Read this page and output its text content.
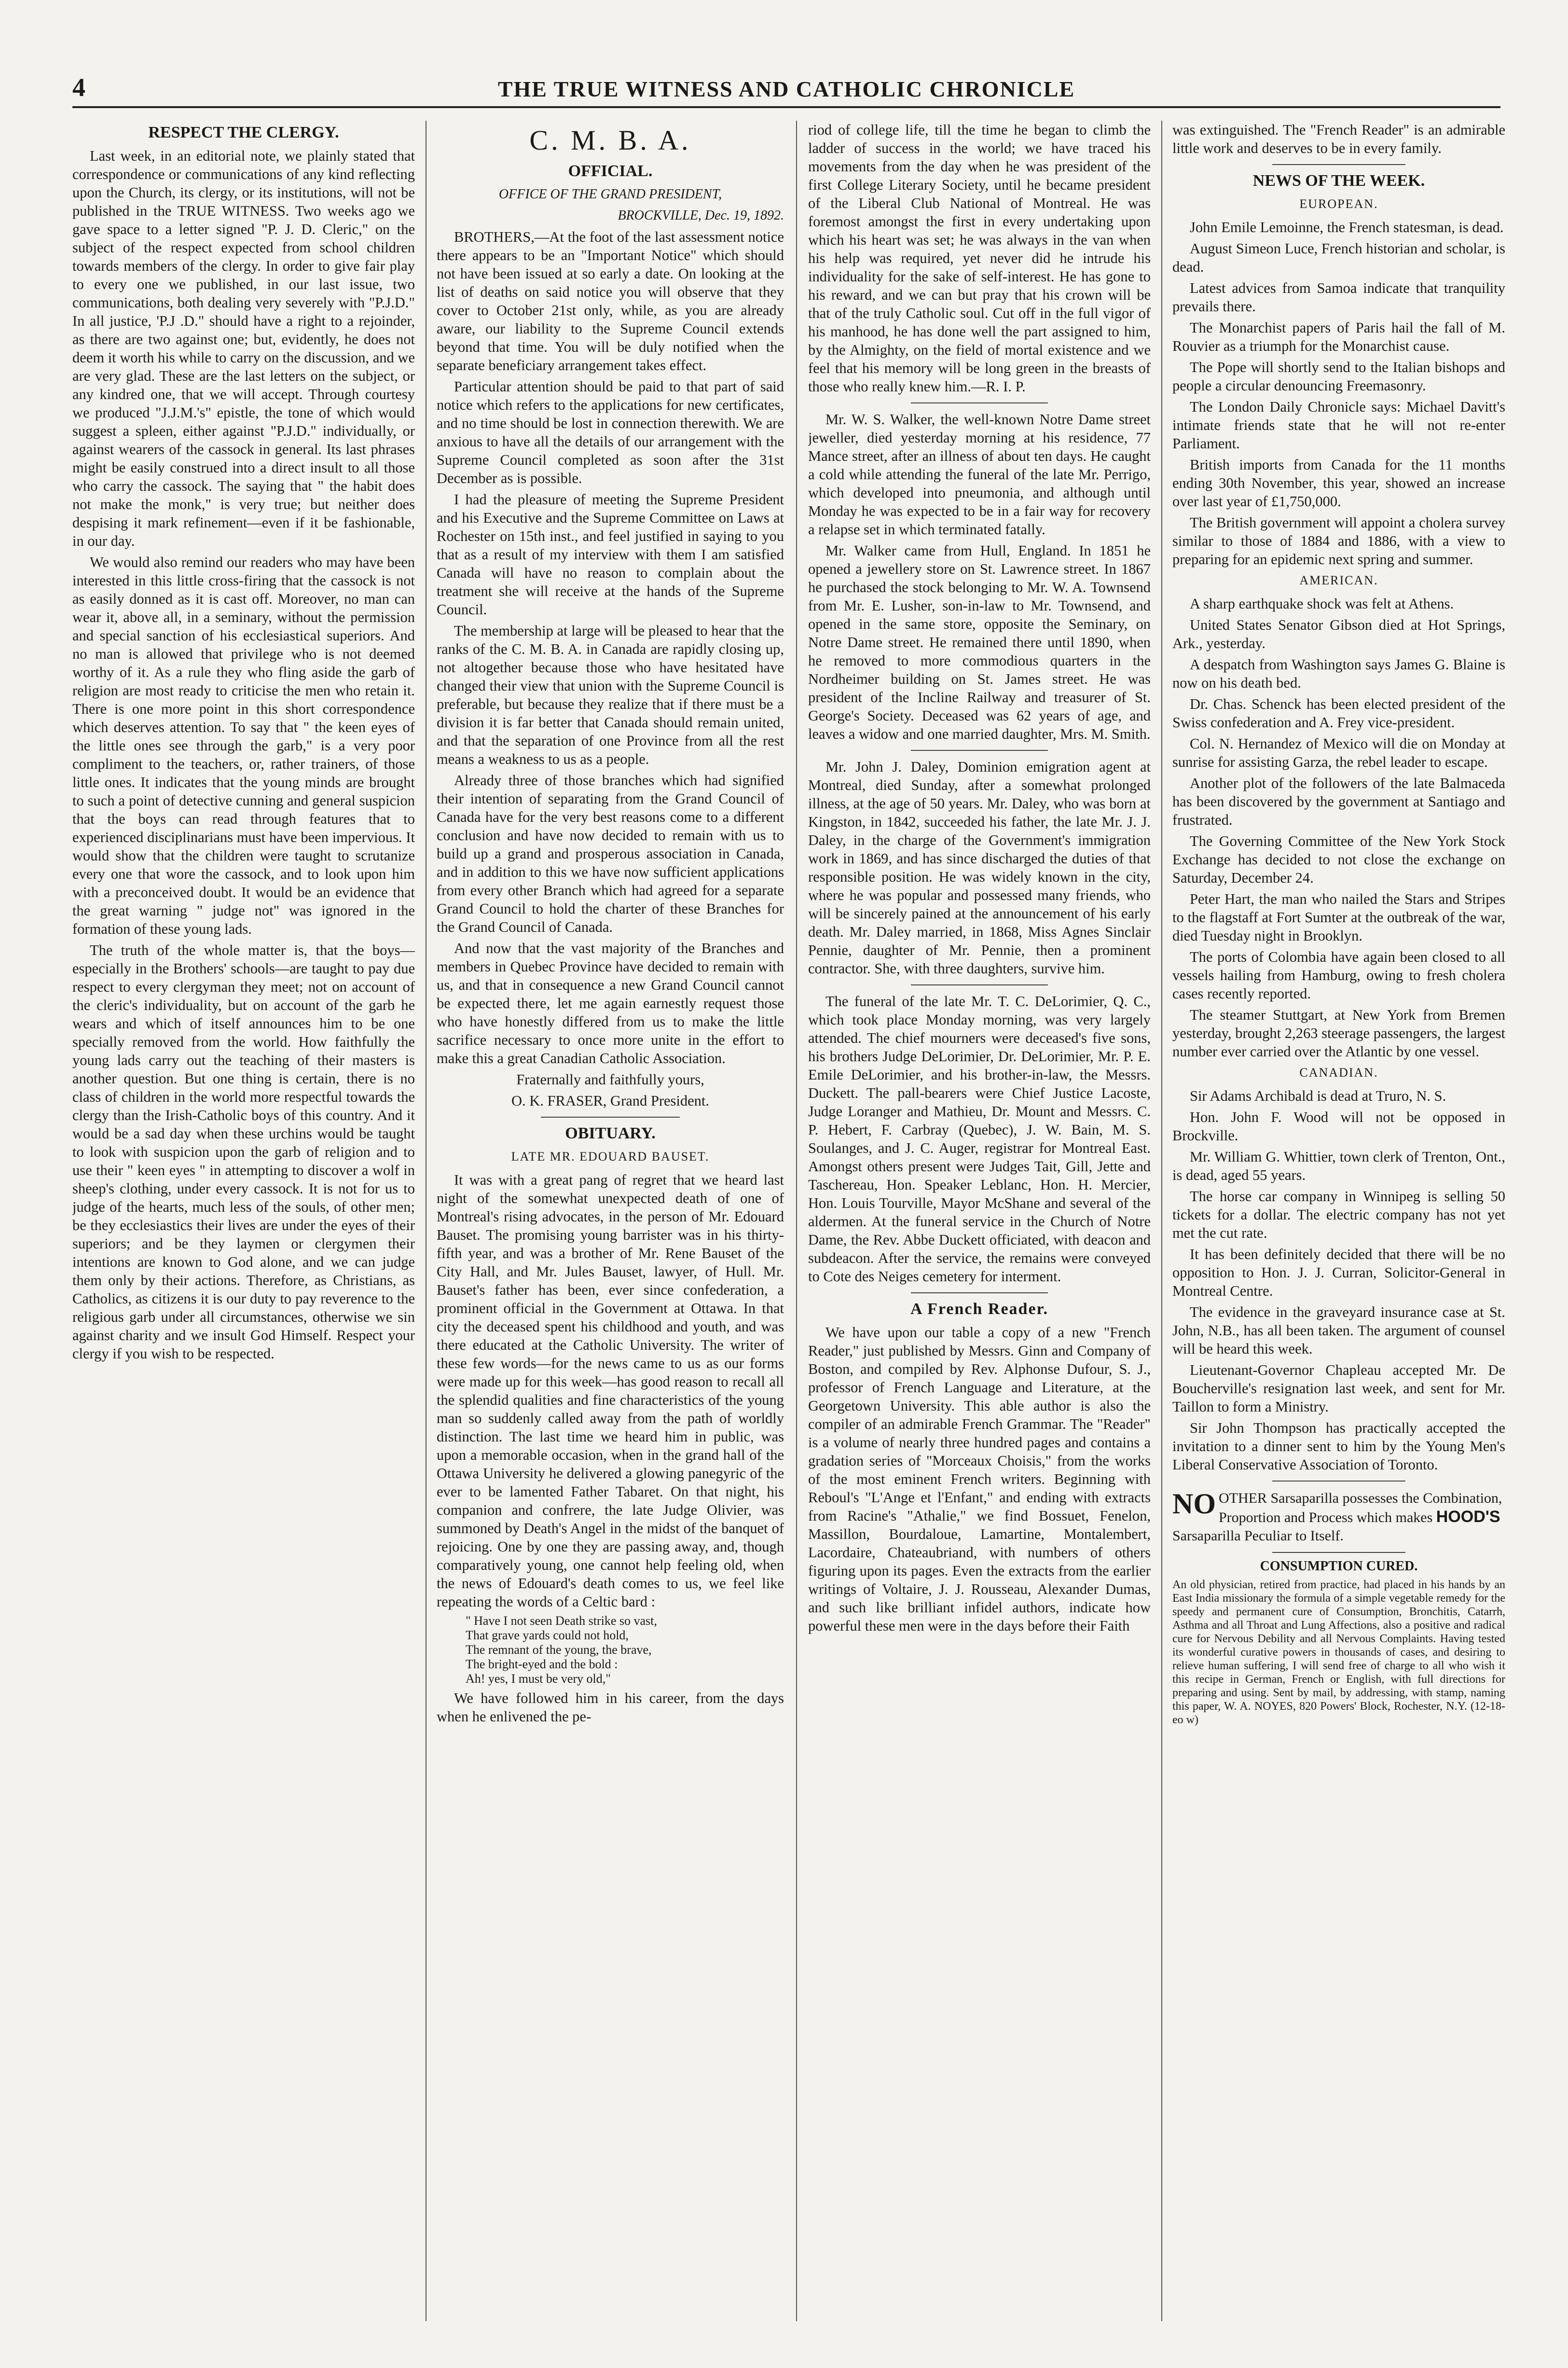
4	THE TRUE WITNESS AND CATHOLIC CHRONICLE
RESPECT THE CLERGY.

Last week, in an editorial note, we plainly stated that correspondence or communications of any kind reflecting upon the Church, its clergy, or its institutions, will not be published in the TRUE WITNESS. Two weeks ago we gave space to a letter signed "P. J. D. Cleric," on the subject of the respect expected from school children towards members of the clergy. In order to give fair play to every one we published, in our last issue, two communications, both dealing very severely with "P.J.D." In all justice, 'P.J .D." should have a right to a rejoinder, as there are two against one; but, evidently, he does not deem it worth his while to carry on the discussion, and we are very glad. These are the last letters on the subject, or any kindred one, that we will accept. Through courtesy we produced "J.J.M.'s" epistle, the tone of which would suggest a spleen, either against "P.J.D." individually, or against wearers of the cassock in general. Its last phrases might be easily construed into a direct insult to all those who carry the cassock. The saying that " the habit does not make the monk," is very true; but neither does despising it mark refinement—even if it be fashionable, in our day.

We would also remind our readers who may have been interested in this little cross-firing that the cassock is not as easily donned as it is cast off. Moreover, no man can wear it, above all, in a seminary, without the permission and special sanction of his ecclesiastical superiors. And no man is allowed that privilege who is not deemed worthy of it. As a rule they who fling aside the garb of religion are most ready to criticise the men who retain it. There is one more point in this short correspondence which deserves attention. To say that " the keen eyes of the little ones see through the garb," is a very poor compliment to the teachers, or, rather trainers, of those little ones. It indicates that the young minds are brought to such a point of detective cunning and general suspicion that the boys can read through features that to experienced disciplinarians must have been impervious. It would show that the children were taught to scrutanize every one that wore the cassock, and to look upon him with a preconceived doubt. It would be an evidence that the great warning " judge not" was ignored in the formation of these young lads.

The truth of the whole matter is, that the boys—especially in the Brothers' schools—are taught to pay due respect to every clergyman they meet; not on account of the cleric's individuality, but on account of the garb he wears and which of itself announces him to be one specially removed from the world. How faithfully the young lads carry out the teaching of their masters is another question. But one thing is certain, there is no class of children in the world more respectful towards the clergy than the Irish-Catholic boys of this country. And it would be a sad day when these urchins would be taught to look with suspicion upon the garb of religion and to use their " keen eyes " in attempting to discover a wolf in sheep's clothing, under every cassock. It is not for us to judge of the hearts, much less of the souls, of other men; be they ecclesiastics their lives are under the eyes of their superiors; and be they laymen or clergymen their intentions are known to God alone, and we can judge them only by their actions. Therefore, as Christians, as Catholics, as citizens it is our duty to pay reverence to the religious garb under all circumstances, otherwise we sin against charity and we insult God Himself. Respect your clergy if you wish to be respected.

C. M. B. A.
OFFICIAL.

OFFICE OF THE GRAND PRESIDENT,

BROCKVILLE, Dec. 19, 1892.

BROTHERS,—At the foot of the last assessment notice there appears to be an "Important Notice" which should not have been issued at so early a date. On looking at the list of deaths on said notice you will observe that they cover to October 21st only, while, as you are already aware, our liability to the Supreme Council extends beyond that time. You will be duly notified when the separate beneficiary arrangement takes effect.

Particular attention should be paid to that part of said notice which refers to the applications for new certificates, and no time should be lost in connection therewith. We are anxious to have all the details of our arrangement with the Supreme Council completed as soon after the 31st December as is possible.

I had the pleasure of meeting the Supreme President and his Executive and the Supreme Committee on Laws at Rochester on 15th inst., and feel justified in saying to you that as a result of my interview with them I am satisfied Canada will have no reason to complain about the treatment she will receive at the hands of the Supreme Council.

The membership at large will be pleased to hear that the ranks of the C. M. B. A. in Canada are rapidly closing up, not altogether because those who have hesitated have changed their view that union with the Supreme Council is preferable, but because they realize that if there must be a division it is far better that Canada should remain united, and that the separation of one Province from all the rest means a weakness to us as a people.

Already three of those branches which had signified their intention of separating from the Grand Council of Canada have for the very best reasons come to a different conclusion and have now decided to remain with us to build up a grand and prosperous association in Canada, and in addition to this we have now sufficient applications from every other Branch which had agreed for a separate Grand Council to hold the charter of these Branches for the Grand Council of Canada.

And now that the vast majority of the Branches and members in Quebec Province have decided to remain with us, and that in consequence a new Grand Council cannot be expected there, let me again earnestly request those who have honestly differed from us to make the little sacrifice necessary to once more unite in the effort to make this a great Canadian Catholic Association.

Fraternally and faithfully yours,

O. K. FRASER, Grand President.

OBITUARY.
LATE MR. EDOUARD BAUSET.

It was with a great pang of regret that we heard last night of the somewhat unexpected death of one of Montreal's rising advocates, in the person of Mr. Edouard Bauset. The promising young barrister was in his thirty-fifth year, and was a brother of Mr. Rene Bauset of the City Hall, and Mr. Jules Bauset, lawyer, of Hull. Mr. Bauset's father has been, ever since confederation, a prominent official in the Government at Ottawa. In that city the deceased spent his childhood and youth, and was there educated at the Catholic University. The writer of these few words—for the news came to us as our forms were made up for this week—has good reason to recall all the splendid qualities and fine characteristics of the young man so suddenly called away from the path of worldly distinction. The last time we heard him in public, was upon a memorable occasion, when in the grand hall of the Ottawa University he delivered a glowing panegyric of the ever to be lamented Father Tabaret. On that night, his companion and confrere, the late Judge Olivier, was summoned by Death's Angel in the midst of the banquet of rejoicing. One by one they are passing away, and, though comparatively young, one cannot help feeling old, when the news of Edouard's death comes to us, we feel like repeating the words of a Celtic bard :

" Have I not seen Death strike so vast,
That grave yards could not hold,
The remnant of the young, the brave,
The bright-eyed and the bold :
Ah! yes, I must be very old,"

We have followed him in his career, from the days when he enlivened the pe-

riod of college life, till the time he began to climb the ladder of success in the world; we have traced his movements from the day when he was president of the first College Literary Society, until he became president of the Liberal Club National of Montreal. He was foremost amongst the first in every undertaking upon which his heart was set; he was always in the van when his help was required, yet never did he intrude his individuality for the sake of self-interest. He has gone to his reward, and we can but pray that his crown will be that of the truly Catholic soul. Cut off in the full vigor of his manhood, he has done well the part assigned to him, by the Almighty, on the field of mortal existence and we feel that his memory will be long green in the breasts of those who really knew him.—R. I. P.

Mr. W. S. Walker, the well-known Notre Dame street jeweller, died yesterday morning at his residence, 77 Mance street, after an illness of about ten days. He caught a cold while attending the funeral of the late Mr. Perrigo, which developed into pneumonia, and although until Monday he was expected to be in a fair way for recovery a relapse set in which terminated fatally.

Mr. Walker came from Hull, England. In 1851 he opened a jewellery store on St. Lawrence street. In 1867 he purchased the stock belonging to Mr. W. A. Townsend from Mr. E. Lusher, son-in-law to Mr. Townsend, and opened in the same store, opposite the Seminary, on Notre Dame street. He remained there until 1890, when he removed to more commodious quarters in the Nordheimer building on St. James street. He was president of the Incline Railway and treasurer of St. George's Society. Deceased was 62 years of age, and leaves a widow and one married daughter, Mrs. M. Smith.

Mr. John J. Daley, Dominion emigration agent at Montreal, died Sunday, after a somewhat prolonged illness, at the age of 50 years. Mr. Daley, who was born at Kingston, in 1842, succeeded his father, the late Mr. J. J. Daley, in the charge of the Government's immigration work in 1869, and has since discharged the duties of that responsible position. He was widely known in the city, where he was popular and possessed many friends, who will be sincerely pained at the announcement of his early death. Mr. Daley married, in 1868, Miss Agnes Sinclair Pennie, daughter of Mr. Pennie, then a prominent contractor. She, with three daughters, survive him.

The funeral of the late Mr. T. C. DeLorimier, Q. C., which took place Monday morning, was very largely attended. The chief mourners were deceased's five sons, his brothers Judge DeLorimier, Dr. DeLorimier, Mr. P. E. Emile DeLorimier, and his brother-in-law, the Messrs. Duckett. The pall-bearers were Chief Justice Lacoste, Judge Loranger and Mathieu, Dr. Mount and Messrs. C. P. Hebert, F. Carbray (Quebec), J. W. Bain, M. S. Soulanges, and J. C. Auger, registrar for Montreal East. Amongst others present were Judges Tait, Gill, Jette and Taschereau, Hon. Speaker Leblanc, Hon. H. Mercier, Hon. Louis Tourville, Mayor McShane and several of the aldermen. At the funeral service in the Church of Notre Dame, the Rev. Abbe Duckett officiated, with deacon and subdeacon. After the service, the remains were conveyed to Cote des Neiges cemetery for interment.

A French Reader.

We have upon our table a copy of a new "French Reader," just published by Messrs. Ginn and Company of Boston, and compiled by Rev. Alphonse Dufour, S. J., professor of French Language and Literature, at the Georgetown University. This able author is also the compiler of an admirable French Grammar. The "Reader" is a volume of nearly three hundred pages and contains a gradation series of "Morceaux Choisis," from the works of the most eminent French writers. Beginning with Reboul's "L'Ange et l'Enfant," and ending with extracts from Racine's "Athalie," we find Bossuet, Fenelon, Massillon, Bourdaloue, Lamartine, Montalembert, Lacordaire, Chateaubriand, with numbers of others figuring upon its pages. Even the extracts from the earlier writings of Voltaire, J. J. Rousseau, Alexander Dumas, and such like brilliant infidel authors, indicate how powerful these men were in the days before their Faith

was extinguished. The "French Reader" is an admirable little work and deserves to be in every family.

NEWS OF THE WEEK.
EUROPEAN.

John Emile Lemoinne, the French statesman, is dead.

August Simeon Luce, French historian and scholar, is dead.

Latest advices from Samoa indicate that tranquility prevails there.

The Monarchist papers of Paris hail the fall of M. Rouvier as a triumph for the Monarchist cause.

The Pope will shortly send to the Italian bishops and people a circular denouncing Freemasonry.

The London Daily Chronicle says: Michael Davitt's intimate friends state that he will not re-enter Parliament.

British imports from Canada for the 11 months ending 30th November, this year, showed an increase over last year of £1,750,000.

The British government will appoint a cholera survey similar to those of 1884 and 1886, with a view to preparing for an epidemic next spring and summer.

AMERICAN.

A sharp earthquake shock was felt at Athens.

United States Senator Gibson died at Hot Springs, Ark., yesterday.

A despatch from Washington says James G. Blaine is now on his death bed.

Dr. Chas. Schenck has been elected president of the Swiss confederation and A. Frey vice-president.

Col. N. Hernandez of Mexico will die on Monday at sunrise for assisting Garza, the rebel leader to escape.

Another plot of the followers of the late Balmaceda has been discovered by the government at Santiago and frustrated.

The Governing Committee of the New York Stock Exchange has decided to not close the exchange on Saturday, December 24.

Peter Hart, the man who nailed the Stars and Stripes to the flagstaff at Fort Sumter at the outbreak of the war, died Tuesday night in Brooklyn.

The ports of Colombia have again been closed to all vessels hailing from Hamburg, owing to fresh cholera cases recently reported.

The steamer Stuttgart, at New York from Bremen yesterday, brought 2,263 steerage passengers, the largest number ever carried over the Atlantic by one vessel.

CANADIAN.

Sir Adams Archibald is dead at Truro, N. S.

Hon. John F. Wood will not be opposed in Brockville.

Mr. William G. Whittier, town clerk of Trenton, Ont., is dead, aged 55 years.

The horse car company in Winnipeg is selling 50 tickets for a dollar. The electric company has not yet met the cut rate.

It has been definitely decided that there will be no opposition to Hon. J. J. Curran, Solicitor-General in Montreal Centre.

The evidence in the graveyard insurance case at St. John, N.B., has all been taken. The argument of counsel will be heard this week.

Lieutenant-Governor Chapleau accepted Mr. De Boucherville's resignation last week, and sent for Mr. Taillon to form a Ministry.

Sir John Thompson has practically accepted the invitation to a dinner sent to him by the Young Men's Liberal Conservative Association of Toronto.

NO OTHER Sarsaparilla possesses the Combination, Proportion and Process which makes HOOD'S Sarsaparilla Peculiar to Itself.
CONSUMPTION CURED.

An old physician, retired from practice, had placed in his hands by an East India missionary the formula of a simple vegetable remedy for the speedy and permanent cure of Consumption, Bronchitis, Catarrh, Asthma and all Throat and Lung Affections, also a positive and radical cure for Nervous Debility and all Nervous Complaints. Having tested its wonderful curative powers in thousands of cases, and desiring to relieve human suffering, I will send free of charge to all who wish it this recipe in German, French or English, with full directions for preparing and using. Sent by mail, by addressing, with stamp, naming this paper, W. A. NOYES, 820 Powers' Block, Rochester, N.Y. (12-18-eo w)
